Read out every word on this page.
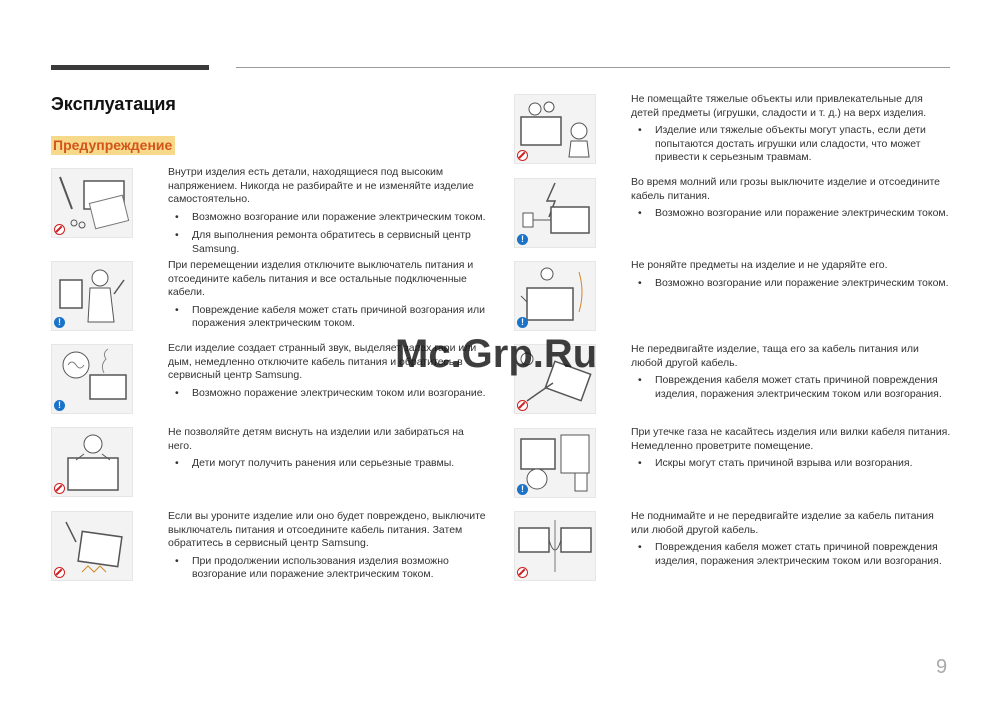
Эксплуатация
Предупреждение

Внутри изделия есть детали, находящиеся под высоким напряжением. Никогда не разбирайте и не изменяйте изделие самостоятельно.

• Возможно возгорание или поражение электрическим током.
• Для выполнения ремонта обратитесь в сервисный центр Samsung.
!

При перемещении изделия отключите выключатель питания и отсоедините кабель питания и все остальные подключенные кабели.

• Повреждение кабеля может стать причиной возгорания или поражения электрическим током.
!

Если изделие создает странный звук, выделяет запах гари или дым, немедленно отключите кабель питания и обратитесь в сервисный центр Samsung.

• Возможно поражение электрическим током или возгорание.

Не позволяйте детям виснуть на изделии или забираться на него.

• Дети могут получить ранения или серьезные травмы.

Если вы уроните изделие или оно будет повреждено, выключите выключатель питания и отсоедините кабель питания. Затем обратитесь в сервисный центр Samsung.

• При продолжении использования изделия возможно возгорание или поражение электрическим током.

Не помещайте тяжелые объекты или привлекательные для детей предметы (игрушки, сладости и т. д.) на верх изделия.

• Изделие или тяжелые объекты могут упасть, если дети попытаются достать игрушки или сладости, что может привести к серьезным травмам.
!

Во время молний или грозы выключите изделие и отсоедините кабель питания.

• Возможно возгорание или поражение электрическим током.
!

Не роняйте предметы на изделие и не ударяйте его.

• Возможно возгорание или поражение электрическим током.

Не передвигайте изделие, таща его за кабель питания или любой другой кабель.

• Повреждения кабеля может стать причиной повреждения изделия, поражения электрическим током или возгорания.
!

При утечке газа не касайтесь изделия или вилки кабеля питания. Немедленно проветрите помещение.

• Искры могут стать причиной взрыва или возгорания.

Не поднимайте и не передвигайте изделие за кабель питания или любой другой кабель.

• Повреждения кабеля может стать причиной повреждения изделия, поражения электрическим током или возгорания.
Mc.Grp.Ru
9
